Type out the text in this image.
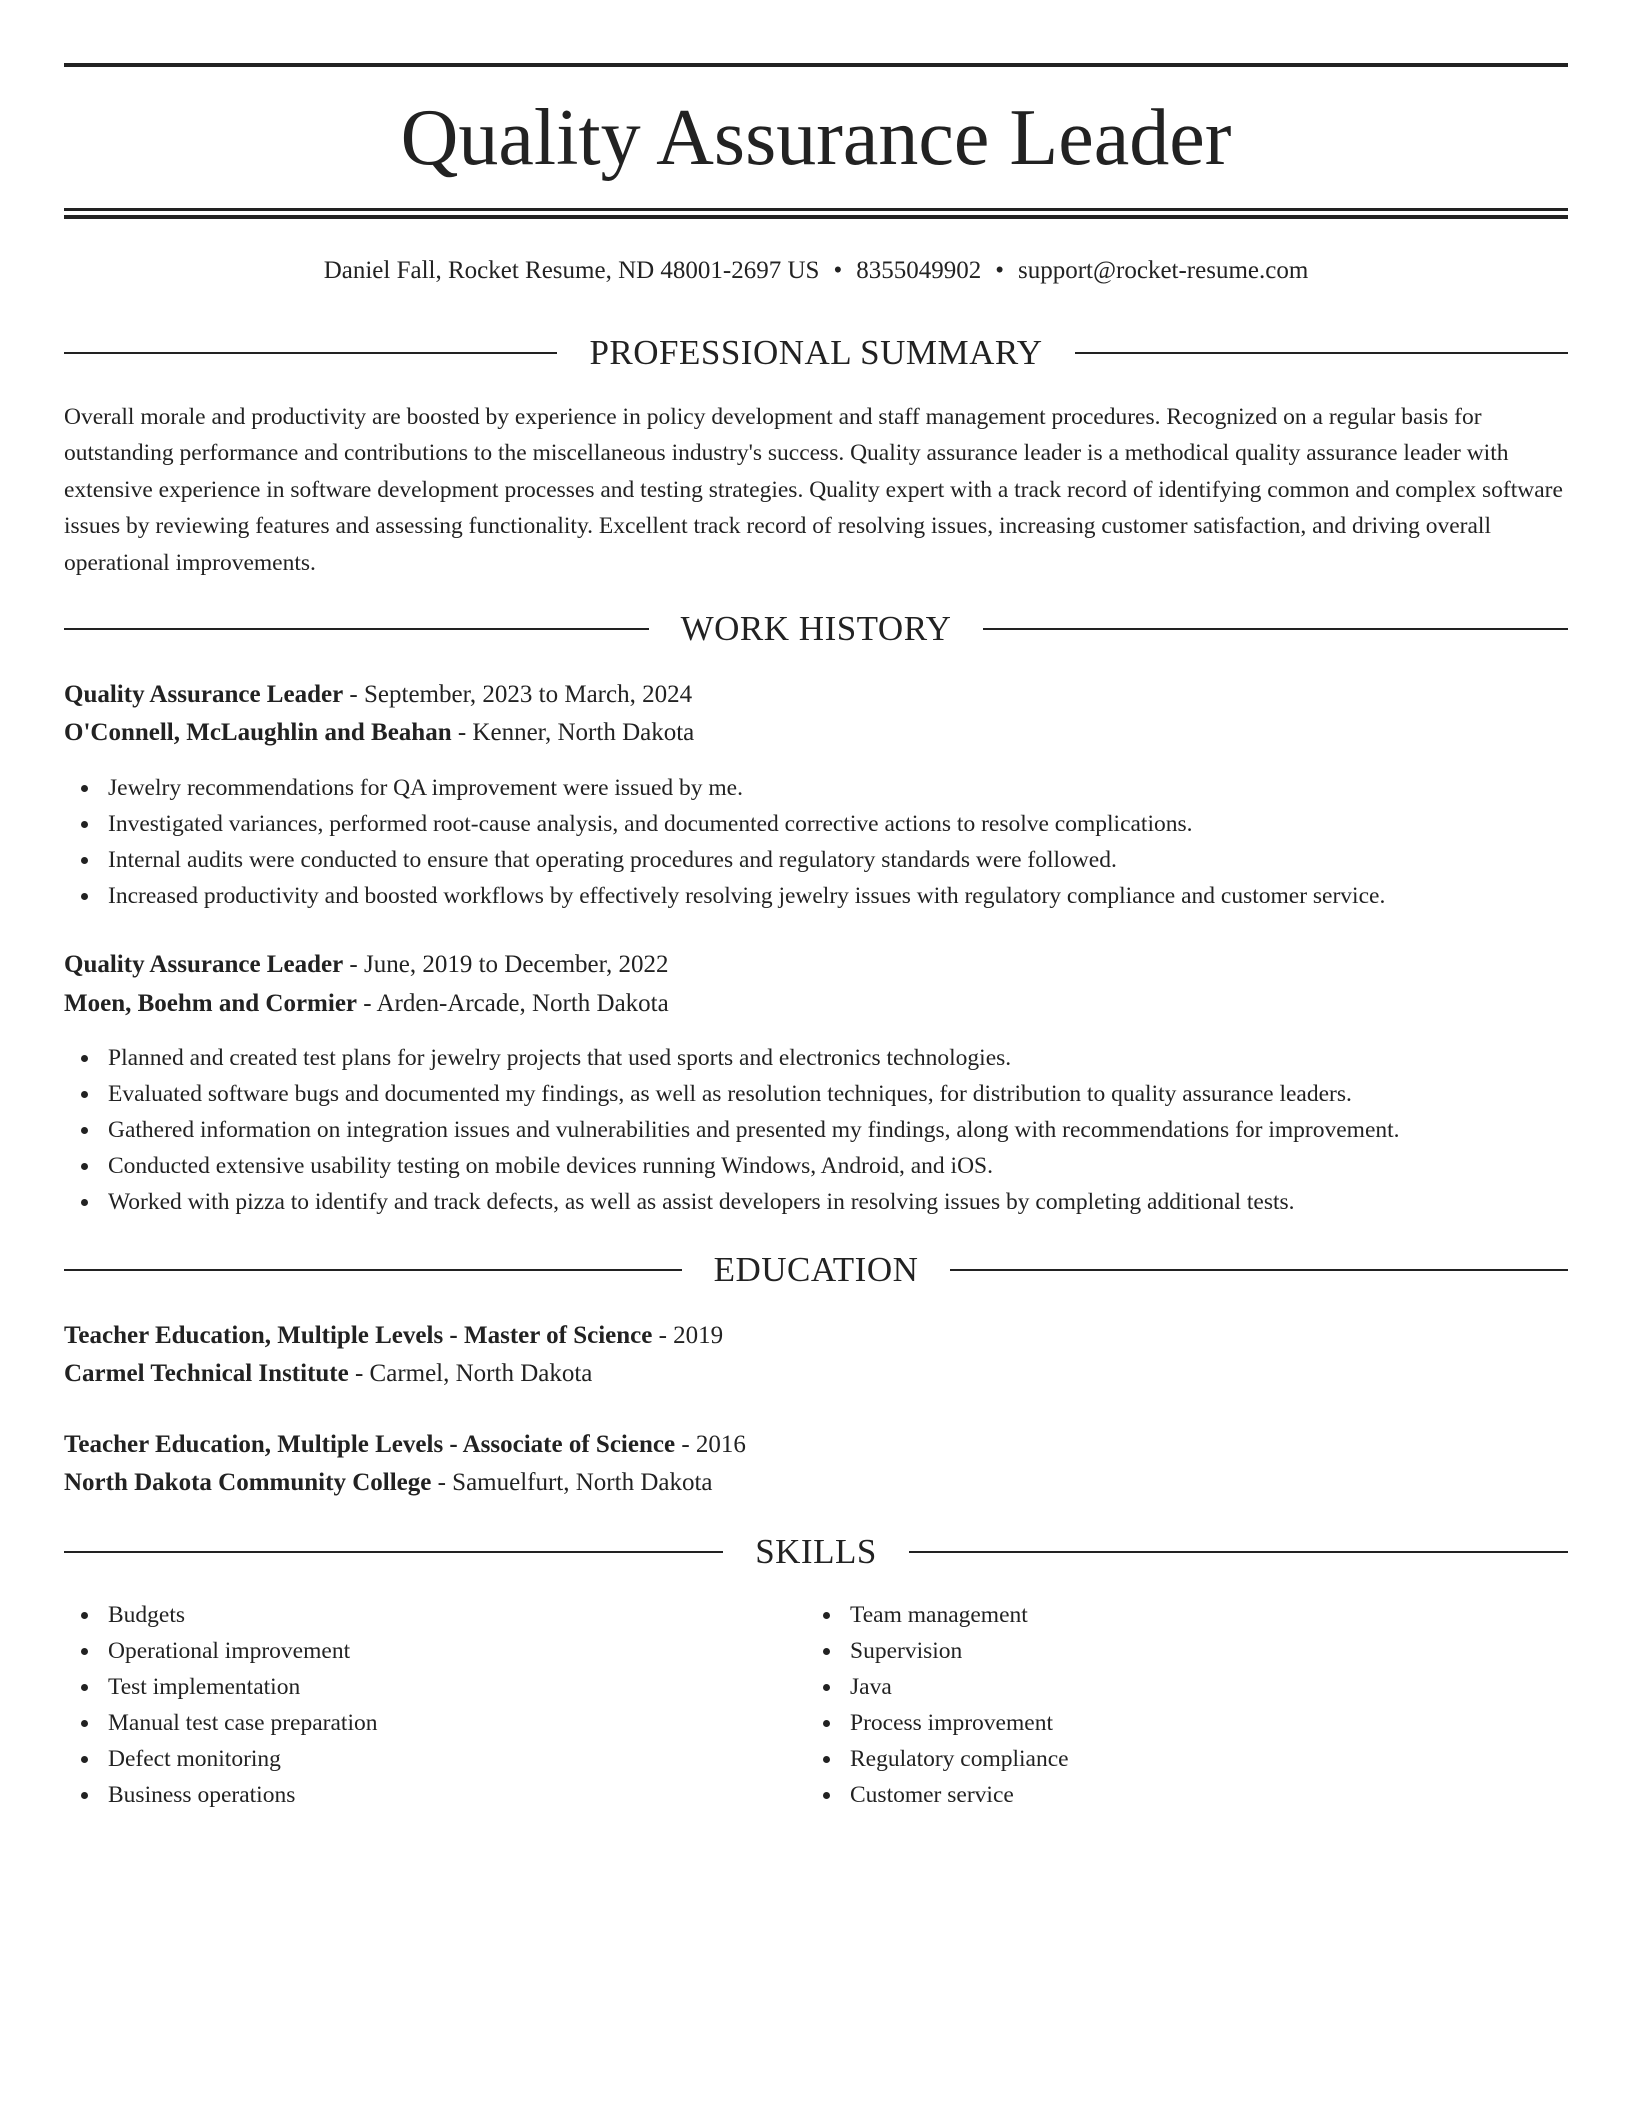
Quality Assurance Leader
Daniel Fall, Rocket Resume, ND 48001-2697 US • 8355049902 • support@rocket-resume.com
PROFESSIONAL SUMMARY

Overall morale and productivity are boosted by experience in policy development and staff management procedures. Recognized on a regular basis for outstanding performance and contributions to the miscellaneous industry's success. Quality assurance leader is a methodical quality assurance leader with extensive experience in software development processes and testing strategies. Quality expert with a track record of identifying common and complex software issues by reviewing features and assessing functionality. Excellent track record of resolving issues, increasing customer satisfaction, and driving overall operational improvements.

WORK HISTORY
Quality Assurance Leader - September, 2023 to March, 2024
O'Connell, McLaughlin and Beahan - Kenner, North Dakota
Jewelry recommendations for QA improvement were issued by me.
Investigated variances, performed root-cause analysis, and documented corrective actions to resolve complications.
Internal audits were conducted to ensure that operating procedures and regulatory standards were followed.
Increased productivity and boosted workflows by effectively resolving jewelry issues with regulatory compliance and customer service.
Quality Assurance Leader - June, 2019 to December, 2022
Moen, Boehm and Cormier - Arden-Arcade, North Dakota
Planned and created test plans for jewelry projects that used sports and electronics technologies.
Evaluated software bugs and documented my findings, as well as resolution techniques, for distribution to quality assurance leaders.
Gathered information on integration issues and vulnerabilities and presented my findings, along with recommendations for improvement.
Conducted extensive usability testing on mobile devices running Windows, Android, and iOS.
Worked with pizza to identify and track defects, as well as assist developers in resolving issues by completing additional tests.
EDUCATION
Teacher Education, Multiple Levels - Master of Science - 2019
Carmel Technical Institute - Carmel, North Dakota
Teacher Education, Multiple Levels - Associate of Science - 2016
North Dakota Community College - Samuelfurt, North Dakota
SKILLS
Budgets
Operational improvement
Test implementation
Manual test case preparation
Defect monitoring
Business operations
Team management
Supervision
Java
Process improvement
Regulatory compliance
Customer service
